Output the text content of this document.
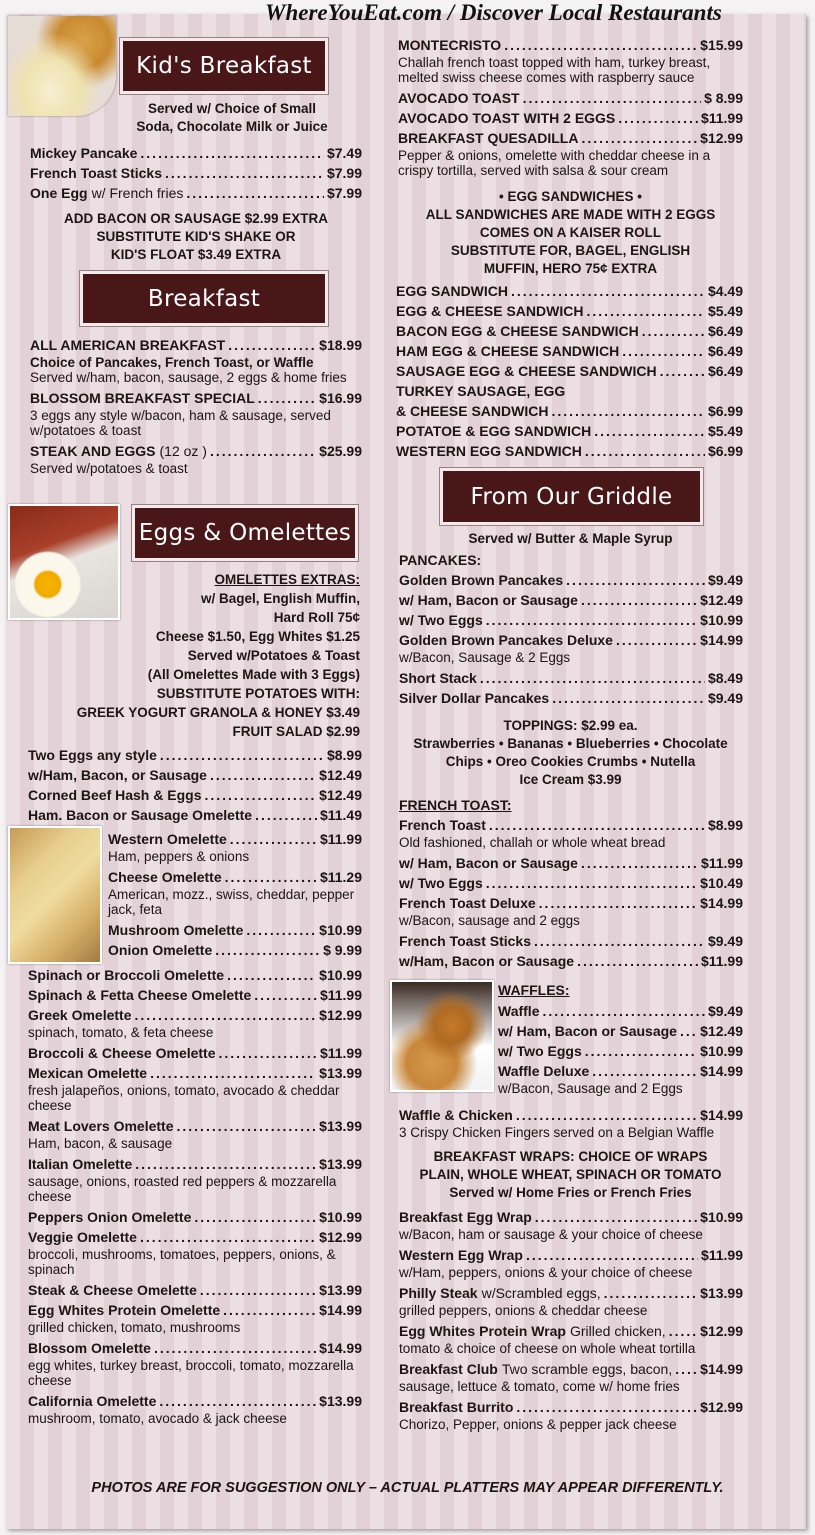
Kid's Breakfast
Served w/ Choice of Small
Soda, Chocolate Milk or Juice
Mickey Pancake .....	$7.49
French Toast Sticks .....	$7.99
One Egg w/ French fries .....	$7.99
ADD BACON OR SAUSAGE $2.99 EXTRA
SUBSTITUTE KID'S SHAKE OR
KID'S FLOAT $3.49 EXTRA
Breakfast
ALL AMERICAN BREAKFAST .....	$18.99
Choice of Pancakes, French Toast, or Waffle
Served w/ham, bacon, sausage, 2 eggs & home fries
BLOSSOM BREAKFAST SPECIAL .....	$16.99
3 eggs any style w/bacon, ham & sausage, served w/potatoes & toast
STEAK AND EGGS (12 oz ) .....	$25.99
Served w/potatoes & toast
Eggs & Omelettes
OMELETTES EXTRAS:
w/ Bagel, English Muffin,
Hard Roll 75¢
Cheese $1.50, Egg Whites $1.25
Served w/Potatoes & Toast
(All Omelettes Made with 3 Eggs)
SUBSTITUTE POTATOES WITH:
GREEK YOGURT GRANOLA & HONEY $3.49
FRUIT SALAD $2.99
Two Eggs any style .....	$8.99
w/Ham, Bacon, or Sausage .....	$12.49
Corned Beef Hash & Eggs .....	$12.49
Ham. Bacon or Sausage Omelette .....	$11.49
Western Omelette .....	$11.99
Ham, peppers & onions
Cheese Omelette .....	$11.29
American, mozz., swiss, cheddar, pepper jack, feta
Mushroom Omelette .....	$10.99
Onion Omelette .....	$ 9.99
Spinach or Broccoli Omelette .....	$10.99
Spinach & Fetta Cheese Omelette .....	$11.99
Greek Omelette .....	$12.99
spinach, tomato, & feta cheese
Broccoli & Cheese Omelette .....	$11.99
Mexican Omelette .....	$13.99
fresh jalapeños, onions, tomato, avocado & cheddar cheese
Meat Lovers Omelette .....	$13.99
Ham, bacon, & sausage
Italian Omelette .....	$13.99
sausage, onions, roasted red peppers & mozzarella cheese
Peppers Onion Omelette .....	$10.99
Veggie Omelette .....	$12.99
broccoli, mushrooms, tomatoes, peppers, onions, & spinach
Steak & Cheese Omelette .....	$13.99
Egg Whites Protein Omelette .....	$14.99
grilled chicken, tomato, mushrooms
Blossom Omelette .....	$14.99
egg whites, turkey breast, broccoli, tomato, mozzarella cheese
California Omelette .....	$13.99
mushroom, tomato, avocado & jack cheese
MONTECRISTO .....	$15.99
Challah french toast topped with ham, turkey breast, melted swiss cheese comes with raspberry sauce
AVOCADO TOAST .....	$ 8.99
AVOCADO TOAST WITH 2 EGGS .....	$11.99
BREAKFAST QUESADILLA .....	$12.99
Pepper & onions, omelette with cheddar cheese in a crispy tortilla, served with salsa & sour cream
• EGG SANDWICHES •
ALL SANDWICHES ARE MADE WITH 2 EGGS
COMES ON A KAISER ROLL
SUBSTITUTE FOR, BAGEL, ENGLISH
MUFFIN, HERO 75¢ EXTRA
EGG SANDWICH .....	$4.49
EGG & CHEESE SANDWICH .....	$5.49
BACON EGG & CHEESE SANDWICH .....	$6.49
HAM EGG & CHEESE SANDWICH .....	$6.49
SAUSAGE EGG & CHEESE SANDWICH .....	$6.49
TURKEY SAUSAGE, EGG
& CHEESE SANDWICH .....	$6.99
POTATOE & EGG SANDWICH .....	$5.49
WESTERN EGG SANDWICH .....	$6.99
From Our Griddle
Served w/ Butter & Maple Syrup
PANCAKES:
Golden Brown Pancakes .....	$9.49
w/ Ham, Bacon or Sausage .....	$12.49
w/ Two Eggs .....	$10.99
Golden Brown Pancakes Deluxe .....	$14.99
w/Bacon, Sausage & 2 Eggs
Short Stack .....	$8.49
Silver Dollar Pancakes .....	$9.49
TOPPINGS: $2.99 ea.
Strawberries • Bananas • Blueberries • Chocolate
Chips • Oreo Cookies Crumbs • Nutella
Ice Cream $3.99
FRENCH TOAST:
French Toast .....	$8.99
Old fashioned, challah or whole wheat bread
w/ Ham, Bacon or Sausage .....	$11.99
w/ Two Eggs .....	$10.49
French Toast Deluxe .....	$14.99
w/Bacon, sausage and 2 eggs
French Toast Sticks .....	$9.49
w/Ham, Bacon or Sausage .....	$11.99
WAFFLES:
Waffle .....	$9.49
w/ Ham, Bacon or Sausage ..... $12.49
w/ Two Eggs .....	$10.99
Waffle Deluxe .....	$14.99
w/Bacon, Sausage and 2 Eggs
Waffle & Chicken .....	$14.99
3 Crispy Chicken Fingers served on a Belgian Waffle
BREAKFAST WRAPS: CHOICE OF WRAPS
PLAIN, WHOLE WHEAT, SPINACH OR TOMATO
Served w/ Home Fries or French Fries
Breakfast Egg Wrap .....	$10.99
w/Bacon, ham or sausage & your choice of cheese
Western Egg Wrap .....	$11.99
w/Ham, peppers, onions & your choice of cheese
Philly Steak w/Scrambled eggs, .....	$13.99
grilled peppers, onions & cheddar cheese
Egg Whites Protein Wrap Grilled chicken, ..... $12.99
tomato & choice of cheese on whole wheat tortilla
Breakfast Club Two scramble eggs, bacon, ..... $14.99
sausage, lettuce & tomato, come w/ home fries
Breakfast Burrito .....	$12.99
Chorizo, Pepper, onions & pepper jack cheese
WhereYouEat.com / Discover Local Restaurants
PHOTOS ARE FOR SUGGESTION ONLY – ACTUAL PLATTERS MAY APPEAR DIFFERENTLY.
